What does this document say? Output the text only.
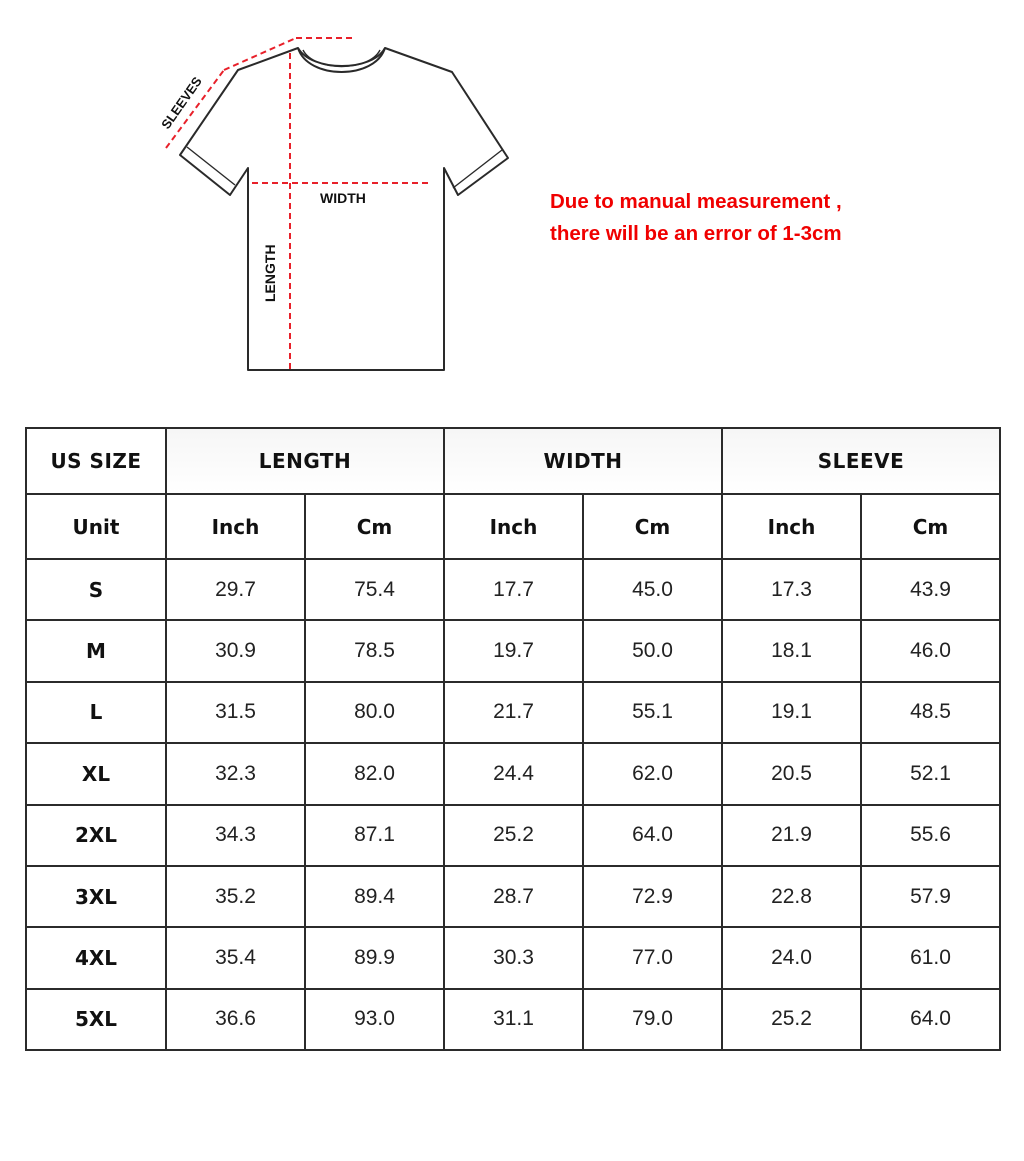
WIDTH
LENGTH
SLEEVES
Due to manual measurement ,
there will be an error of 1-3cm
US SIZE	LENGTH		WIDTH		SLEEVE	
Unit	Inch	Cm	Inch	Cm	Inch	Cm
S	29.7	75.4	17.7	45.0	17.3	43.9
M	30.9	78.5	19.7	50.0	18.1	46.0
L	31.5	80.0	21.7	55.1	19.1	48.5
XL	32.3	82.0	24.4	62.0	20.5	52.1
2XL	34.3	87.1	25.2	64.0	21.9	55.6
3XL	35.2	89.4	28.7	72.9	22.8	57.9
4XL	35.4	89.9	30.3	77.0	24.0	61.0
5XL	36.6	93.0	31.1	79.0	25.2	64.0
